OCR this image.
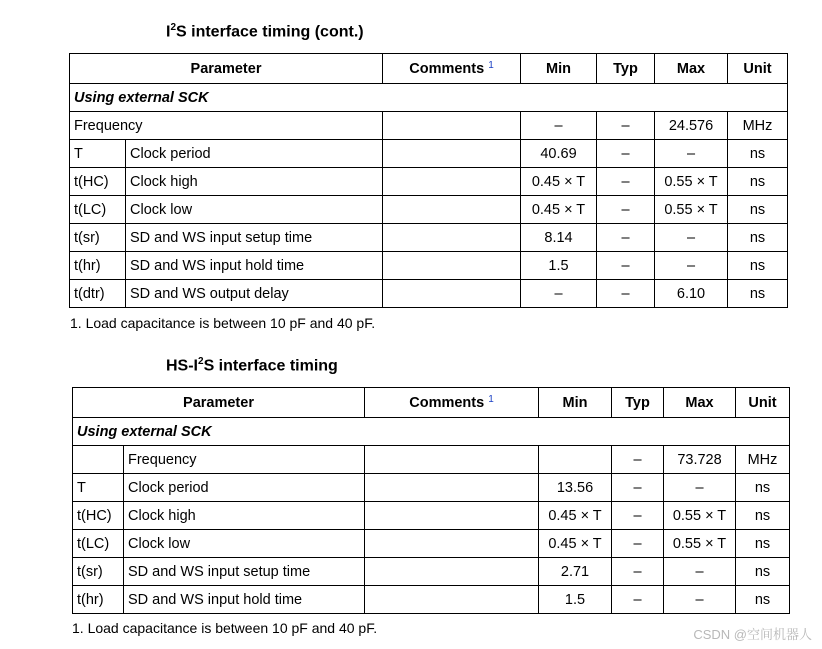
$I^2S$ interface timing (cont.)
Parameter		Comments $^1$	Min	Typ	Max	Unit
Using external SCK						
Frequency			–	–	24.576	MHz
T	Clock period		40.69	–	–	ns
t(HC)	Clock high		0.45 × T	–	0.55 × T	ns
t(LC)	Clock low		0.45 × T	–	0.55 × T	ns
t(sr)	SD and WS input setup time		8.14	–	–	ns
t(hr)	SD and WS input hold time		1.5	–	–	ns
t(dtr)	SD and WS output delay		–	–	6.10	ns

1. Load capacitance is between 10 pF and 40 pF.

$HS-I^2S$ interface timing
Parameter		Comments $^1$	Min	Typ	Max	Unit
Using external SCK						
	Frequency			–	73.728	MHz
T	Clock period		13.56	–	–	ns
t(HC)	Clock high		0.45 × T	–	0.55 × T	ns
t(LC)	Clock low		0.45 × T	–	0.55 × T	ns
t(sr)	SD and WS input setup time		2.71	–	–	ns
t(hr)	SD and WS input hold time		1.5	–	–	ns

1. Load capacitance is between 10 pF and 40 pF.	CSDN @空间机器人
